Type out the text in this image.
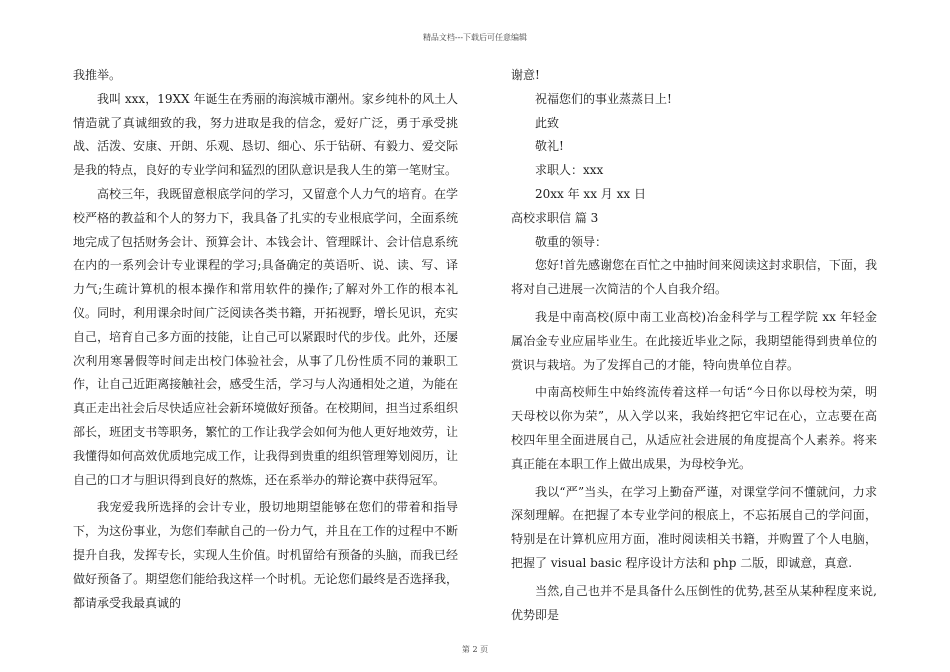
精品文档---下载后可任意编辑

我推举。

我叫 xxx，19XX 年诞生在秀丽的海滨城市潮州。家乡纯朴的风土人情造就了真诚细致的我，努力进取是我的信念，爱好广泛，勇于承受挑战、活泼、安康、开朗、乐观、恳切、细心、乐于钻研、有毅力、爱交际是我的特点，良好的专业学问和猛烈的团队意识是我人生的第一笔财宝。

高校三年，我既留意根底学问的学习，又留意个人力气的培育。在学校严格的教益和个人的努力下，我具备了扎实的专业根底学问，全面系统地完成了包括财务会计、预算会计、本钱会计、管理睬计、会计信息系统在内的一系列会计专业课程的学习;具备确定的英语听、说、读、写、译力气;生疏计算机的根本操作和常用软件的操作;了解对外工作的根本礼仪。同时，利用课余时间广泛阅读各类书籍，开拓视野，增长见识，充实自己，培育自己多方面的技能，让自己可以紧跟时代的步伐。此外，还屡次利用寒暑假等时间走出校门体验社会，从事了几份性质不同的兼职工作，让自己近距离接触社会，感受生活，学习与人沟通相处之道，为能在真正走出社会后尽快适应社会新环境做好预备。在校期间，担当过系组织部长，班团支书等职务，繁忙的工作让我学会如何为他人更好地效劳，让我懂得如何高效优质地完成工作，让我得到贵重的组织管理筹划阅历，让自己的口才与胆识得到良好的熬炼，还在系举办的辩论赛中获得冠军。

我宠爱我所选择的会计专业，殷切地期望能够在您们的带着和指导下，为这份事业，为您们奉献自己的一份力气，并且在工作的过程中不断提升自我，发挥专长，实现人生价值。时机留给有预备的头脑，而我已经做好预备了。期望您们能给我这样一个时机。无论您们最终是否选择我，都请承受我最真诚的

谢意!

祝福您们的事业蒸蒸日上!

此致

敬礼!

求职人：xxx

20xx 年 xx 月 xx 日

高校求职信 篇 3

敬重的领导：

您好!首先感谢您在百忙之中抽时间来阅读这封求职信，下面，我将对自己进展一次简洁的个人自我介绍。

我是中南高校(原中南工业高校)冶金科学与工程学院 xx 年轻金属冶金专业应届毕业生。在此接近毕业之际，我期望能得到贵单位的赏识与栽培。为了发挥自己的才能，特向贵单位自荐。

中南高校师生中始终流传着这样一句话“今日你以母校为荣，明天母校以你为荣”，从入学以来，我始终把它牢记在心，立志要在高校四年里全面进展自己，从适应社会进展的角度提高个人素养。将来真正能在本职工作上做出成果，为母校争光。

我以“严”当头，在学习上勤奋严谨，对课堂学问不懂就问，力求深刻理解。在把握了本专业学问的根底上，不忘拓展自己的学问面，特别是在计算机应用方面，准时阅读相关书籍，并购置了个人电脑，把握了 visual basic 程序设计方法和 php 二版，即诚意，真意.

当然,自己也并不是具备什么压倒性的优势,甚至从某种程度来说,优势即是

第 2 页
